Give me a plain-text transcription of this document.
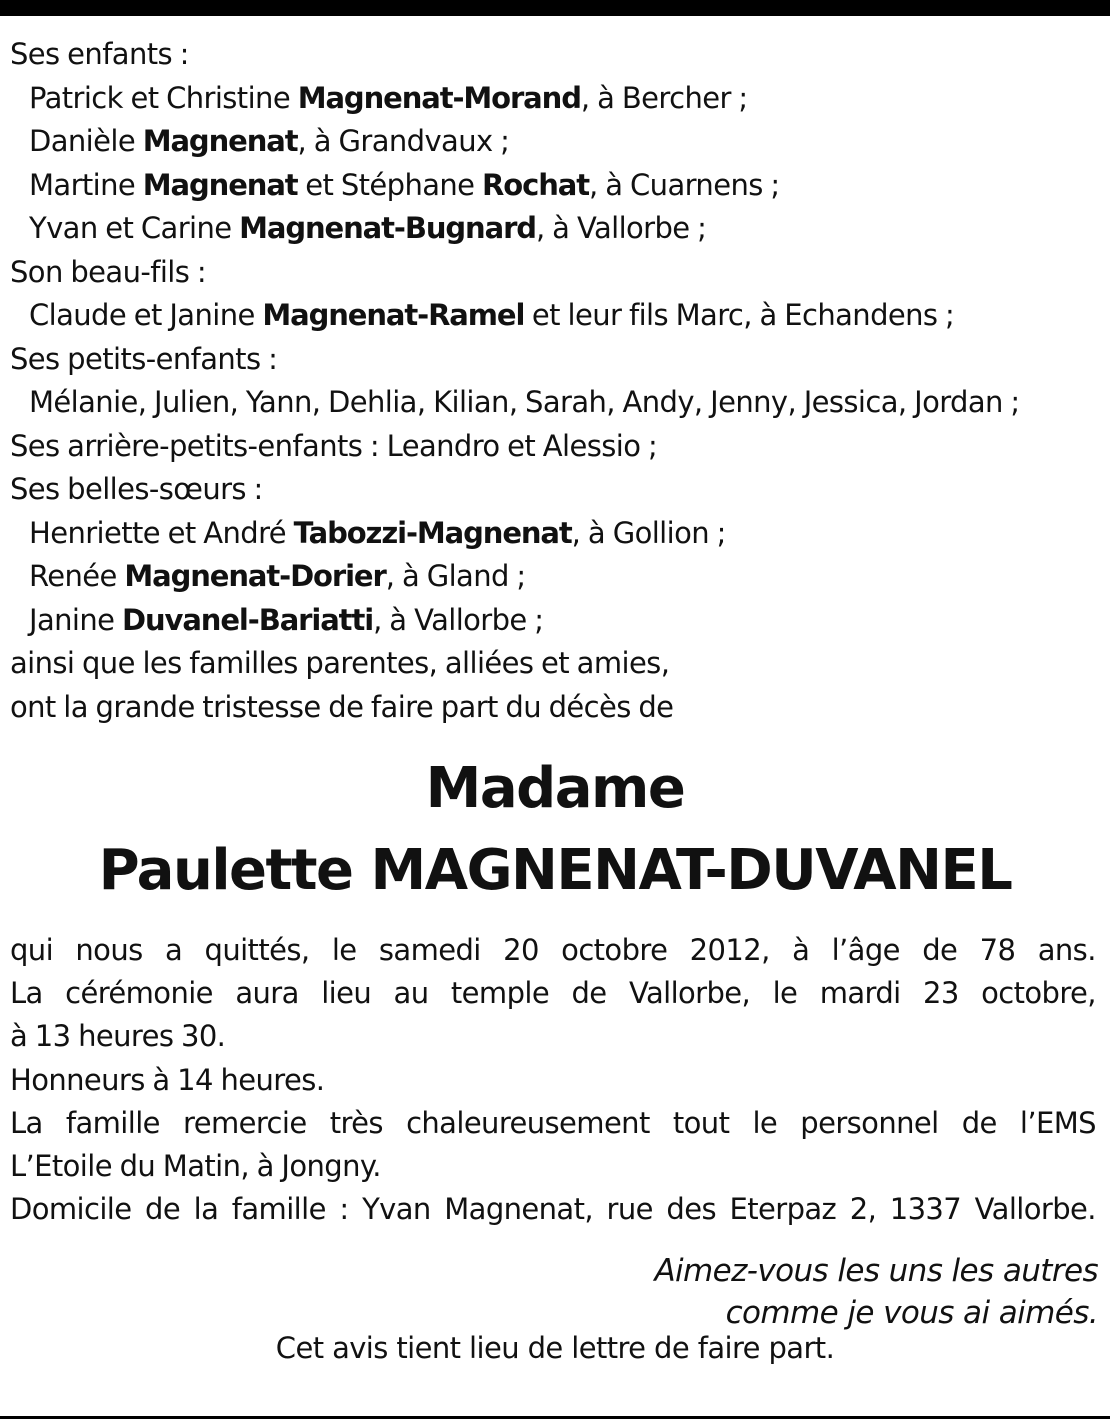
Ses enfants :
Patrick et Christine Magnenat-Morand, à Bercher ;
Danièle Magnenat, à Grandvaux ;
Martine Magnenat et Stéphane Rochat, à Cuarnens ;
Yvan et Carine Magnenat-Bugnard, à Vallorbe ;
Son beau-fils :
Claude et Janine Magnenat-Ramel et leur fils Marc, à Echandens ;
Ses petits-enfants :
Mélanie, Julien, Yann, Dehlia, Kilian, Sarah, Andy, Jenny, Jessica, Jordan ;
Ses arrière-petits-enfants : Leandro et Alessio ;
Ses belles-sœurs :
Henriette et André Tabozzi-Magnenat, à Gollion ;
Renée Magnenat-Dorier, à Gland ;
Janine Duvanel-Bariatti, à Vallorbe ;
ainsi que les familles parentes, alliées et amies,
ont la grande tristesse de faire part du décès de
Madame
Paulette MAGNENAT-DUVANEL
qui nous a quittés, le samedi 20 octobre 2012, à l’âge de 78 ans.
La cérémonie aura lieu au temple de Vallorbe, le mardi 23 octobre,
à 13 heures 30.
Honneurs à 14 heures.
La famille remercie très chaleureusement tout le personnel de l’EMS
L’Etoile du Matin, à Jongny.
Domicile de la famille : Yvan Magnenat, rue des Eterpaz 2, 1337 Vallorbe.
Aimez-vous les uns les autres
comme je vous ai aimés.
Cet avis tient lieu de lettre de faire part.
